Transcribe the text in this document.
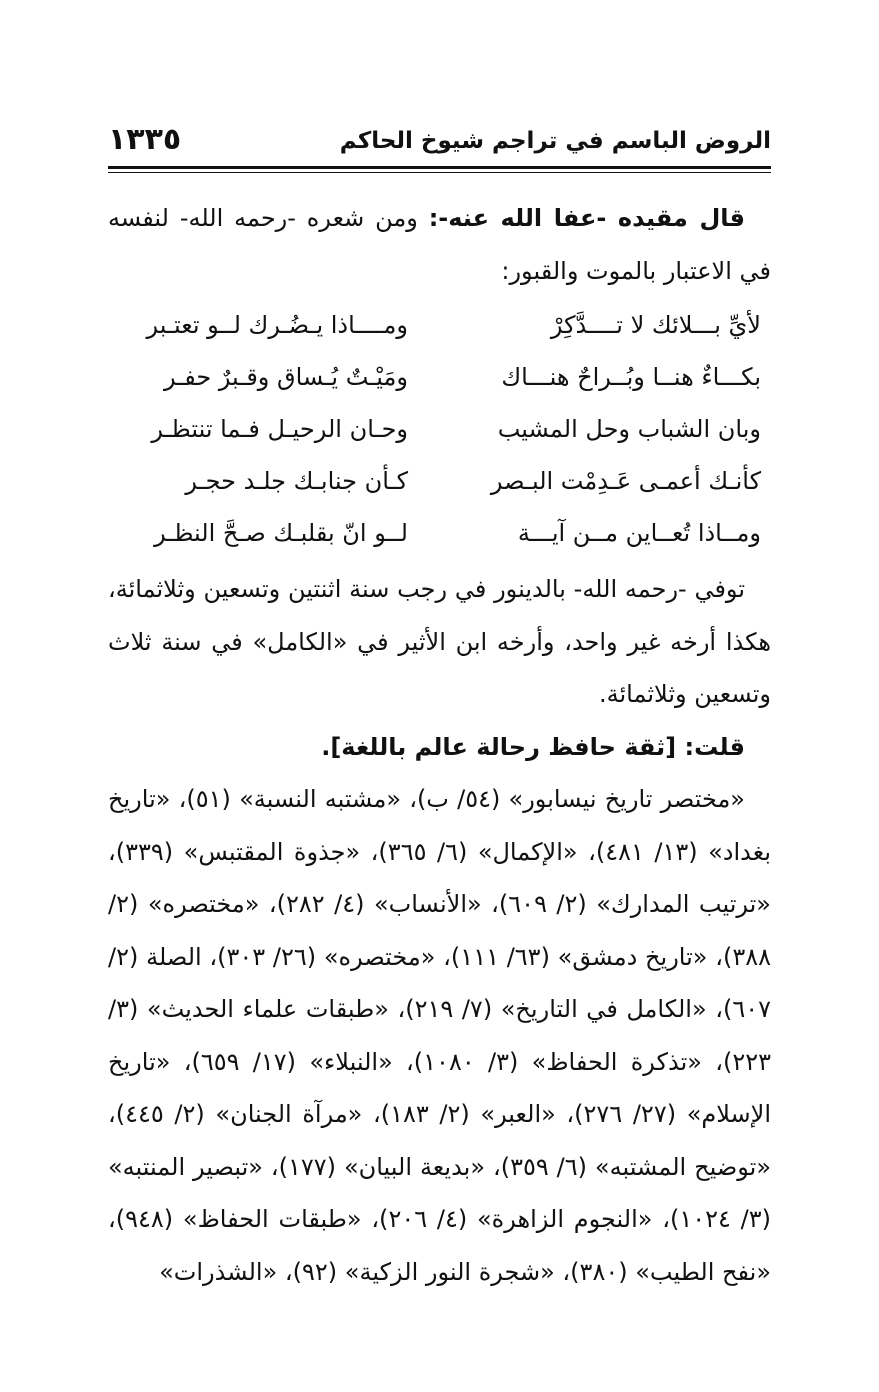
الروض الباسم في تراجم شيوخ الحاكم
١٣٣٥

قال مقيده -عفا الله عنه-: ومن شعره -رحمه الله- لنفسه في الاعتبار بالموت والقبور:

لأيِّ بـــلائك لا تــــدَّكِرْ
ومــــاذا يـضُـرك لــو تعتـبر
بكـــاءٌ هنــا وبُــراحٌ هنـــاك
ومَيْـتٌ يُـساق وقـبرٌ حفـر
وبان الشباب وحل المشيب
وحـان الرحيـل فـما تنتظـر
كأنـك أعمـى عَـدِمْت البـصر
كـأن جنابـك جلـد حجـر
ومــاذا تُعــاين مــن آيـــة
لــو انّ بقلبـك صـحَّ النظـر

توفي -رحمه الله- بالدينور في رجب سنة اثنتين وتسعين وثلاثمائة، هكذا أرخه غير واحد، وأرخه ابن الأثير في «الكامل» في سنة ثلاث وتسعين وثلاثمائة.

قلت: [ثقة حافظ رحالة عالم باللغة].

«مختصر تاريخ نيسابور» (٥٤/ ب)، «مشتبه النسبة» (٥١)، «تاريخ بغداد» (١٣/ ٤٨١)، «الإكمال» (٦/ ٣٦٥)، «جذوة المقتبس» (٣٣٩)، «ترتيب المدارك» (٢/ ٦٠٩)، «الأنساب» (٤/ ٢٨٢)، «مختصره» (٢/ ٣٨٨)، «تاريخ دمشق» (٦٣/ ١١١)، «مختصره» (٢٦/ ٣٠٣)، الصلة (٢/ ٦٠٧)، «الكامل في التاريخ» (٧/ ٢١٩)، «طبقات علماء الحديث» (٣/ ٢٢٣)، «تذكرة الحفاظ» (٣/ ١٠٨٠)، «النبلاء» (١٧/ ٦٥٩)، «تاريخ الإسلام» (٢٧/ ٢٧٦)، «العبر» (٢/ ١٨٣)، «مرآة الجنان» (٢/ ٤٤٥)، «توضيح المشتبه» (٦/ ٣٥٩)، «بديعة البيان» (١٧٧)، «تبصير المنتبه» (٣/ ١٠٢٤)، «النجوم الزاهرة» (٤/ ٢٠٦)، «طبقات الحفاظ» (٩٤٨)، «نفح الطيب» (٣٨٠)، «شجرة النور الزكية» (٩٢)، «الشذرات»
